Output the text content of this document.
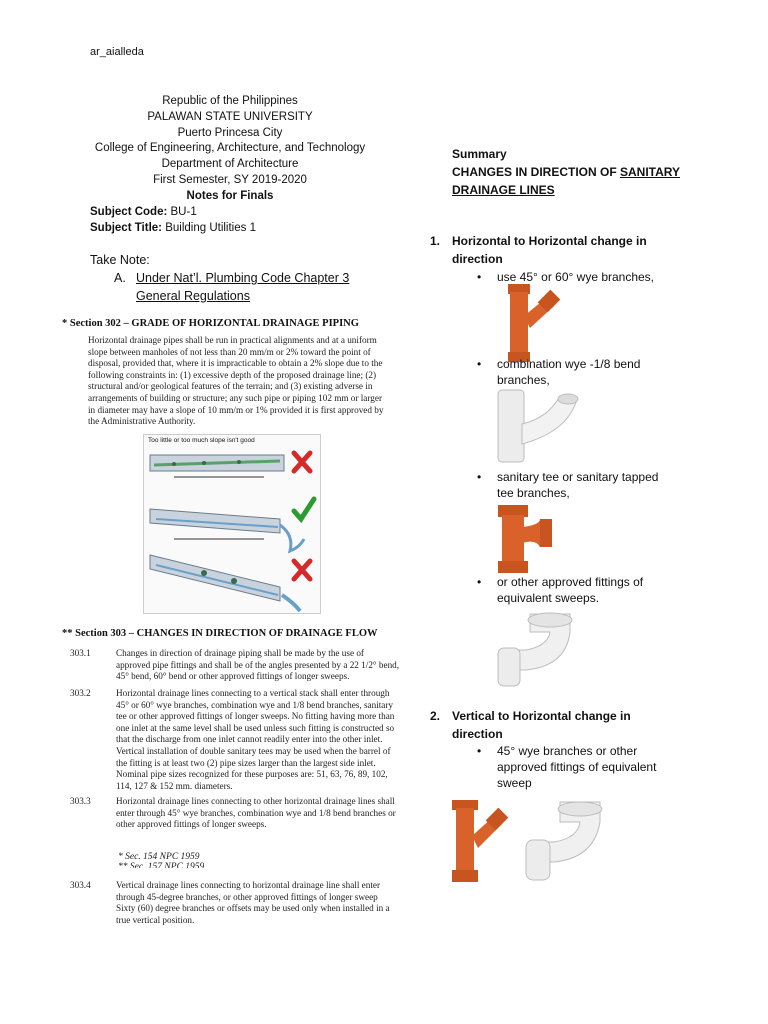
ar_aialleda
Republic of the Philippines
PALAWAN STATE UNIVERSITY
Puerto Princesa City
College of Engineering, Architecture, and Technology
Department of Architecture
First Semester, SY 2019-2020
Notes for Finals
Subject Code: BU-1
Subject Title: Building Utilities 1
Take Note:
A. Under Nat’l. Plumbing Code Chapter 3
General Regulations
* Section 302 – GRADE OF HORIZONTAL DRAINAGE PIPING
Horizontal drainage pipes shall be run in practical alignments and at a uniform
slope between manholes of not less than 20 mm/m or 2% toward the point of
disposal, provided that, where it is impracticable to obtain a 2% slope due to the
following constraints in: (1) excessive depth of the proposed drainage line; (2)
structural and/or geological features of the terrain; and (3) existing adverse in
arrangements of building or structure; any such pipe or piping 102 mm or larger
in diameter may have a slope of 10 mm/m or 1% provided it is first approved by
the Administrative Authority.
Too little or too much slope isn't good
** Section 303 – CHANGES IN DIRECTION OF DRAINAGE FLOW
303.1	Changes in direction of drainage piping shall be made by the use of
approved pipe fittings and shall be of the angles presented by a 22 1/2° bend,
45° bend, 60° bend or other approved fittings of longer sweeps.
303.2	Horizontal drainage lines connecting to a vertical stack shall enter through
45° or 60° wye branches, combination wye and 1/8 bend branches, sanitary
tee or other approved fittings of longer sweeps. No fitting having more than
one inlet at the same level shall be used unless such fitting is constructed so
that the discharge from one inlet cannot readily enter into the other inlet.
Vertical installation of double sanitary tees may be used when the barrel of
the fitting is at least two (2) pipe sizes larger than the largest side inlet.
Nominal pipe sizes recognized for these purposes are: 51, 63, 76, 89, 102,
114, 127 & 152 mm. diameters.
303.3	Horizontal drainage lines connecting to other horizontal drainage lines shall
enter through 45° wye branches, combination wye and 1/8 bend branches or
other approved fittings of longer sweeps.
* Sec. 154 NPC 1959
** Sec. 157 NPC 1959
303.4	Vertical drainage lines connecting to horizontal drainage line shall enter
through 45-degree branches, or other approved fittings of longer sweep
Sixty (60) degree branches or offsets may be used only when installed in a
true vertical position.
Summary
CHANGES IN DIRECTION OF SANITARY
DRAINAGE LINES
1. Horizontal to Horizontal change in
direction
• use 45° or 60° wye branches,
• combination wye -1/8 bend
branches,
• sanitary tee or sanitary tapped
tee branches,
• or other approved fittings of
equivalent sweeps.
2. Vertical to Horizontal change in
direction
• 45° wye branches or other
approved fittings of equivalent
sweep
